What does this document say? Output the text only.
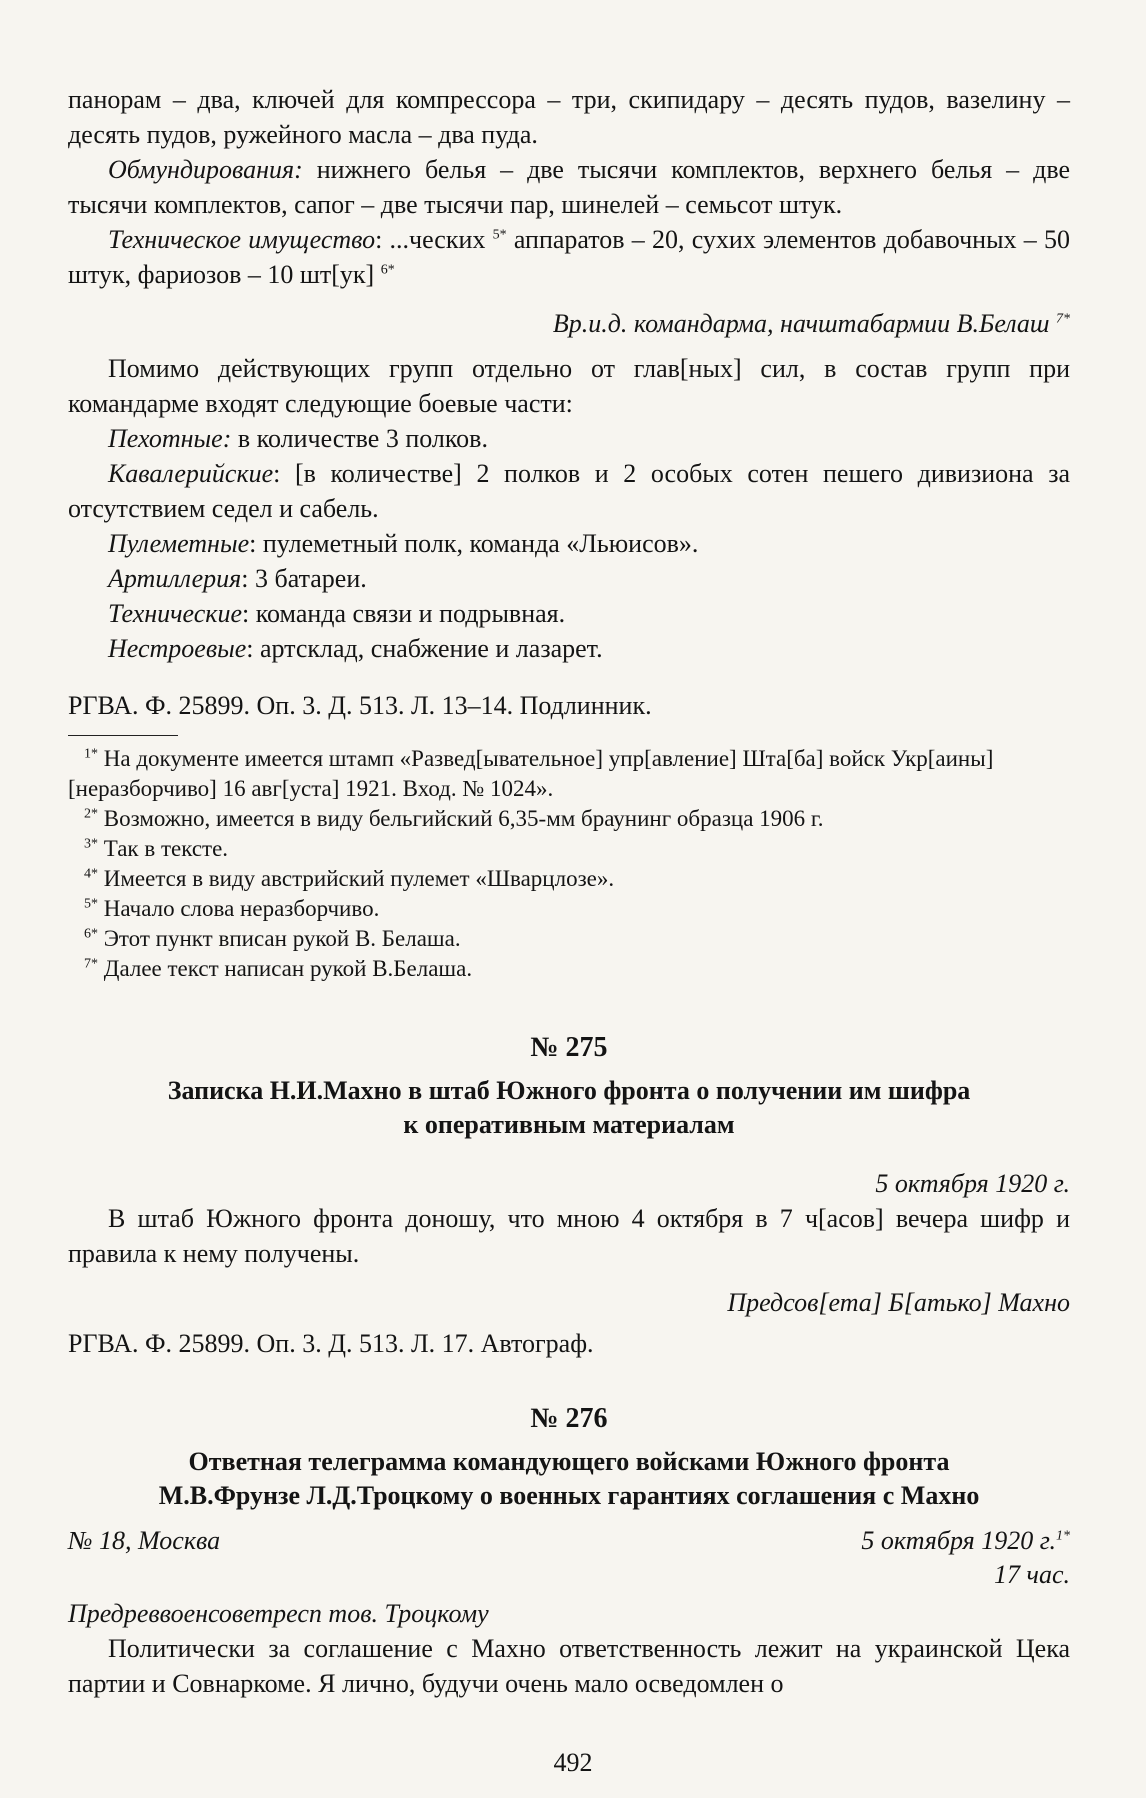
панорам – два, ключей для компрессора – три, скипидару – десять пудов, вазелину – десять пудов, ружейного масла – два пуда.

Обмундирования: нижнего белья – две тысячи комплектов, верхнего белья – две тысячи комплектов, сапог – две тысячи пар, шинелей – семьсот штук.

Техническое имущество: ...ческих $^{5*}$ аппаратов – 20, сухих элементов добавочных – 50 штук, фариозов – 10 шт[ук] $^{6*}$

Вр.и.д. командарма, начштабармии В.Белаш $^{7*}$

Помимо действующих групп отдельно от глав[ных] сил, в состав групп при командарме входят следующие боевые части:

Пехотные: в количестве 3 полков.

Кавалерийские: [в количестве] 2 полков и 2 особых сотен пешего дивизиона за отсутствием седел и сабель.

Пулеметные: пулеметный полк, команда «Льюисов».

Артиллерия: 3 батареи.

Технические: команда связи и подрывная.

Нестроевые: артсклад, снабжение и лазарет.

РГВА. Ф. 25899. Оп. 3. Д. 513. Л. 13–14. Подлинник.

$^{1*}$ На документе имеется штамп «Развед[ывательное] упр[авление] Шта[ба] войск Укр[аины] [неразборчиво] 16 авг[уста] 1921. Вход. № 1024».

$^{2*}$ Возможно, имеется в виду бельгийский 6,35-мм браунинг образца 1906 г.

$^{3*}$ Так в тексте.

$^{4*}$ Имеется в виду австрийский пулемет «Шварцлозе».

$^{5*}$ Начало слова неразборчиво.

$^{6*}$ Этот пункт вписан рукой В. Белаша.

$^{7*}$ Далее текст написан рукой В.Белаша.

№ 275

Записка Н.И.Махно в штаб Южного фронта о получении им шифра

к оперативным материалам

5 октября 1920 г.

В штаб Южного фронта доношу, что мною 4 октября в 7 ч[асов] вечера шифр и правила к нему получены.

Предсов[ета] Б[атько] Махно

РГВА. Ф. 25899. Оп. 3. Д. 513. Л. 17. Автограф.

№ 276

Ответная телеграмма командующего войсками Южного фронта

М.В.Фрунзе Л.Д.Троцкому о военных гарантиях соглашения с Махно

№ 18, Москва	5 октября 1920 г.$^{1*}$

17 час.

Предреввоенсоветресп тов. Троцкому

Политически за соглашение с Махно ответственность лежит на украинской Цека партии и Совнаркоме. Я лично, будучи очень мало осведомлен о

492
